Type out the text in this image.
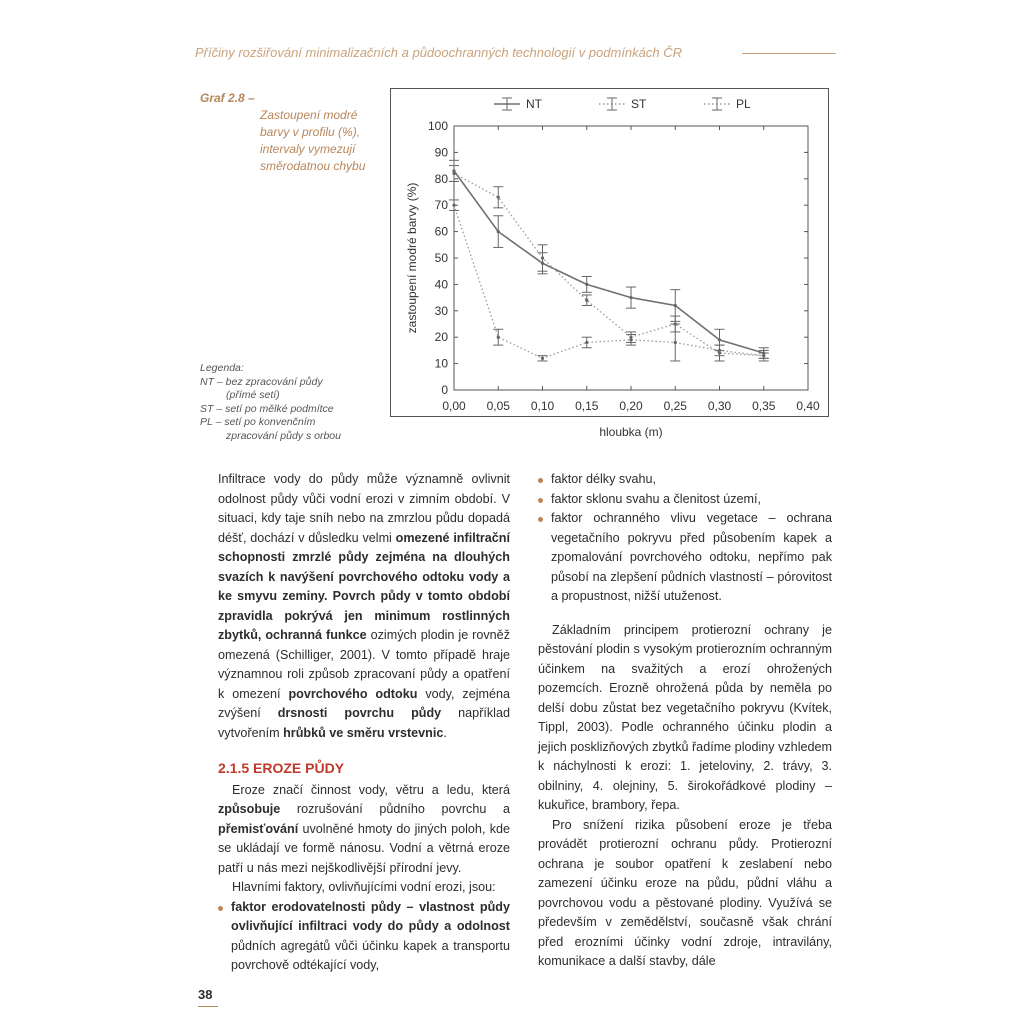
Příčiny rozšiřování minimalizačních a půdoochranných technologií v podmínkách ČR
Graf 2.8 –
Zastoupení modré barvy v profilu (%), intervaly vymezují směrodatnou chybu
Legenda:
NT – bez zpracování půdy
(přímé setí)
ST – setí po mělké podmítce
PL – setí po konvenčním
zpracování půdy s orbou
0
10
20
30
40
50
60
70
80
90
100
0,00 0,05 0,10 0,15 0,20 0,25 0,30 0,35 0,40
hloubka (m)
zastoupení modré barvy (%)
NT	ST	PL

Infiltrace vody do půdy může významně ovlivnit odolnost půdy vůči vodní erozi v zimním období. V situaci, kdy taje sníh nebo na zmrzlou půdu dopadá déšť, dochází v důsledku velmi omezené infiltrační schopnosti zmrzlé půdy zejména na dlouhých svazích k navýšení povrchového odtoku vody a ke smyvu zeminy. Povrch půdy v tomto období zpravidla pokrývá jen minimum rostlinných zbytků, ochranná funkce ozimých plodin je rovněž omezená (Schilliger, 2001). V tomto případě hraje významnou roli způsob zpracovaní půdy a opatření k omezení povrchového odtoku vody, zejména zvýšení drsnosti povrchu půdy například vytvořením hrůbků ve směru vrstevnic.

2.1.5 EROZE PŮDY

Eroze značí činnost vody, větru a ledu, která způsobuje rozrušování půdního povrchu a přemisťování uvolněné hmoty do jiných poloh, kde se ukládají ve formě nánosu. Vodní a větrná eroze patří u nás mezi nejškodlivější přírodní jevy.

Hlavními faktory, ovlivňujícími vodní erozi, jsou:

faktor erodovatelnosti půdy – vlastnost půdy ovlivňující infiltraci vody do půdy a odolnost půdních agregátů vůči účinku kapek a transportu povrchově odtékající vody,

faktor délky svahu,

faktor sklonu svahu a členitost území,

faktor ochranného vlivu vegetace – ochrana vegetačního pokryvu před působením kapek a zpomalování povrchového odtoku, nepřímo pak působí na zlepšení půdních vlastností – pórovitost a propustnost, nižší utuženost.

Základním principem protierozní ochrany je pěstování plodin s vysokým protierozním ochranným účinkem na svažitých a erozí ohrožených pozemcích. Erozně ohrožená půda by neměla po delší dobu zůstat bez vegetačního pokryvu (Kvítek, Tippl, 2003). Podle ochranného účinku plodin a jejich posklizňových zbytků řadíme plodiny vzhledem k náchylnosti k erozi: 1. jeteloviny, 2. trávy, 3. obilniny, 4. olejniny, 5. širokořádkové plodiny – kukuřice, brambory, řepa.

Pro snížení rizika působení eroze je třeba provádět protierozní ochranu půdy. Protierozní ochrana je soubor opatření k zeslabení nebo zamezení účinku eroze na půdu, půdní vláhu a povrchovou vodu a pěstované plodiny. Využívá se především v zemědělství, současně však chrání před erozními účinky vodní zdroje, intravilány, komunikace a další stavby, dále

38
